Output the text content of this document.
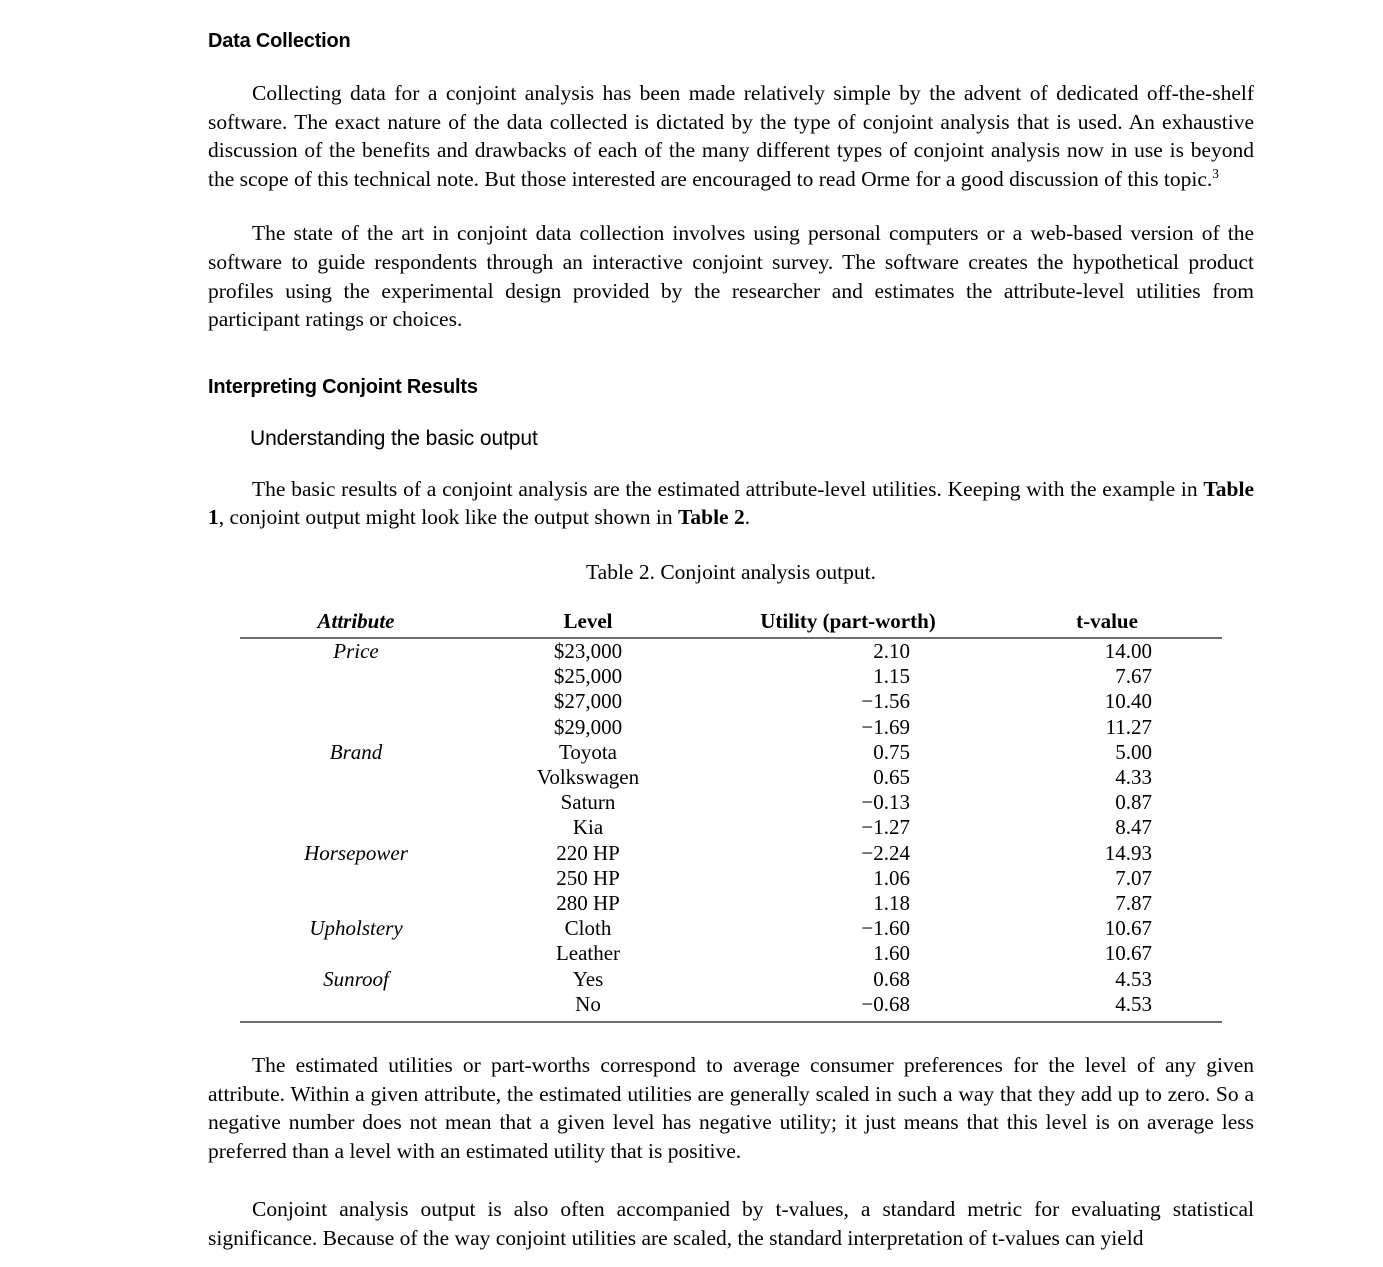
Data Collection

Collecting data for a conjoint analysis has been made relatively simple by the advent of dedicated off-the-shelf software. The exact nature of the data collected is dictated by the type of conjoint analysis that is used. An exhaustive discussion of the benefits and drawbacks of each of the many different types of conjoint analysis now in use is beyond the scope of this technical note. But those interested are encouraged to read Orme for a good discussion of this topic.$^3$

The state of the art in conjoint data collection involves using personal computers or a web-based version of the software to guide respondents through an interactive conjoint survey. The software creates the hypothetical product profiles using the experimental design provided by the researcher and estimates the attribute-level utilities from participant ratings or choices.

Interpreting Conjoint Results
Understanding the basic output

The basic results of a conjoint analysis are the estimated attribute-level utilities. Keeping with the example in Table 1, conjoint output might look like the output shown in Table 2.

Table 2. Conjoint analysis output.
Attribute	Level	Utility (part-worth)	t-value
Price	$23,000	2.10	14.00
	$25,000	1.15	7.67
	$27,000	−1.56	10.40
	$29,000	−1.69	11.27
Brand	Toyota	0.75	5.00
	Volkswagen	0.65	4.33
	Saturn	−0.13	0.87
	Kia	−1.27	8.47
Horsepower	220 HP	−2.24	14.93
	250 HP	1.06	7.07
	280 HP	1.18	7.87
Upholstery	Cloth	−1.60	10.67
	Leather	1.60	10.67
Sunroof	Yes	0.68	4.53
	No	−0.68	4.53

The estimated utilities or part-worths correspond to average consumer preferences for the level of any given attribute. Within a given attribute, the estimated utilities are generally scaled in such a way that they add up to zero. So a negative number does not mean that a given level has negative utility; it just means that this level is on average less preferred than a level with an estimated utility that is positive.

Conjoint analysis output is also often accompanied by t-values, a standard metric for evaluating statistical significance. Because of the way conjoint utilities are scaled, the standard interpretation of t-values can yield
